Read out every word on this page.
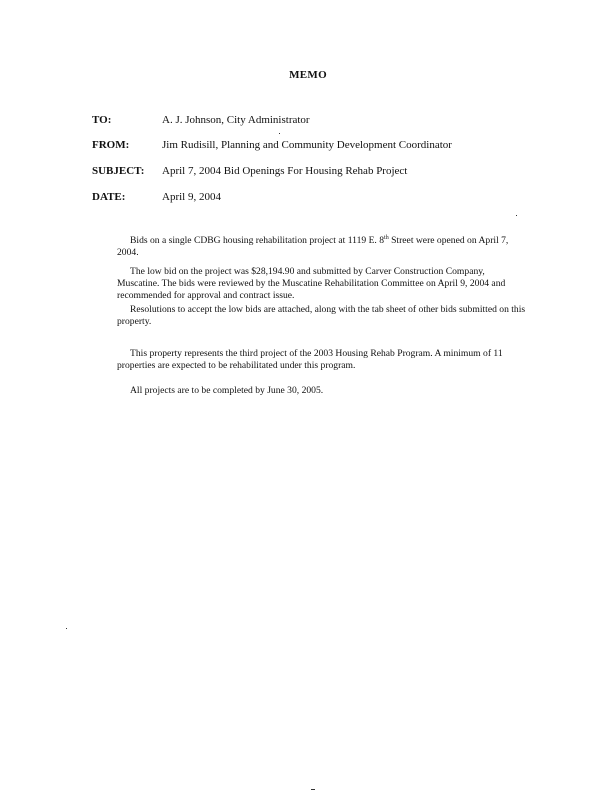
MEMO
TO:	A. J. Johnson, City Administrator
FROM:	Jim Rudisill, Planning and Community Development Coordinator
SUBJECT: April 7, 2004 Bid Openings For Housing Rehab Project
DATE:	April 9, 2004

Bids on a single CDBG housing rehabilitation project at 1119 E. 8th Street were opened on April 7, 2004.

The low bid on the project was $28,194.90 and submitted by Carver Construction Company, Muscatine. The bids were reviewed by the Muscatine Rehabilitation Committee on April 9, 2004 and recommended for approval and contract issue.

Resolutions to accept the low bids are attached, along with the tab sheet of other bids submitted on this property.

This property represents the third project of the 2003 Housing Rehab Program. A minimum of 11 properties are expected to be rehabilitated under this program.

All projects are to be completed by June 30, 2005.
